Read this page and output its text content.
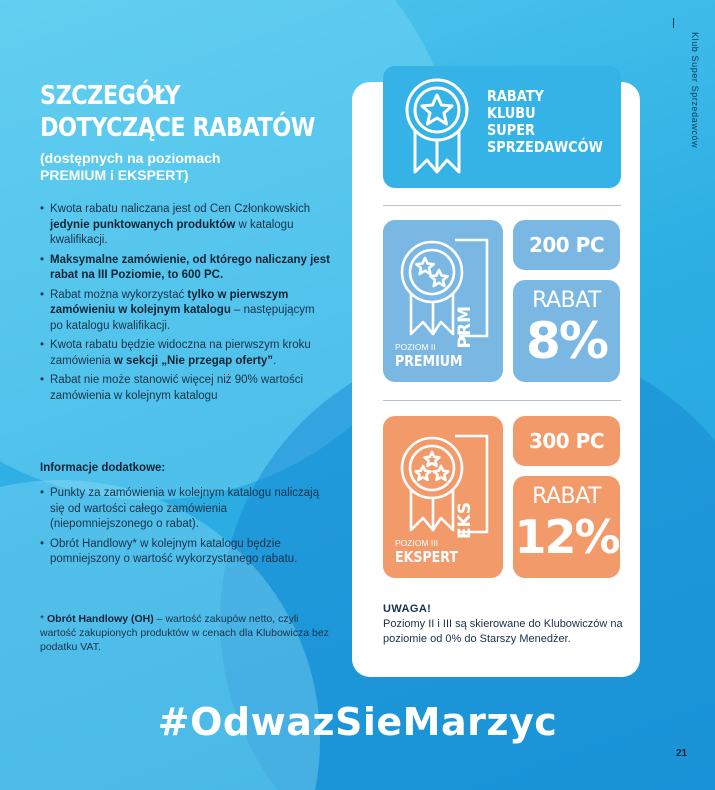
Klub Super Sprzedawców
SZCZEGÓŁY
DOTYCZĄCE RABATÓW
(dostępnych na poziomach
PREMIUM i EKSPERT)
• Kwota rabatu naliczana jest od Cen Członkowskich jedynie punktowanych produktów w katalogu kwalifikacji.
• Maksymalne zamówienie, od którego naliczany jest rabat na III Poziomie, to 600 PC.
• Rabat można wykorzystać tylko w pierwszym zamówieniu w kolejnym katalogu – następującym po katalogu kwalifikacji.
• Kwota rabatu będzie widoczna na pierwszym kroku zamówienia w sekcji „Nie przegap oferty”.
• Rabat nie może stanowić więcej niż 90% wartości zamówienia w kolejnym katalogu
Informacje dodatkowe:
• Punkty za zamówienia w kolejnym katalogu naliczają się od wartości całego zamówienia (niepomniejszonego o rabat).
• Obrót Handlowy* w kolejnym katalogu będzie pomniejszony o wartość wykorzystanego rabatu.
* Obrót Handlowy (OH) – wartość zakupów netto, czyli wartość zakupionych produktów w cenach dla Klubowicza bez podatku VAT.
RABATY
KLUBU
SUPER
SPRZEDAWCÓW
PRM
POZIOM II
PREMIUM
200 PC
RABAT
8%
EKS
POZIOM III
EKSPERT
300 PC
RABAT
12%
UWAGA!
Poziomy II i III są skierowane do Klubowiczów na poziomie od 0% do Starszy Menedżer.
#OdwazSieMarzyc
21
